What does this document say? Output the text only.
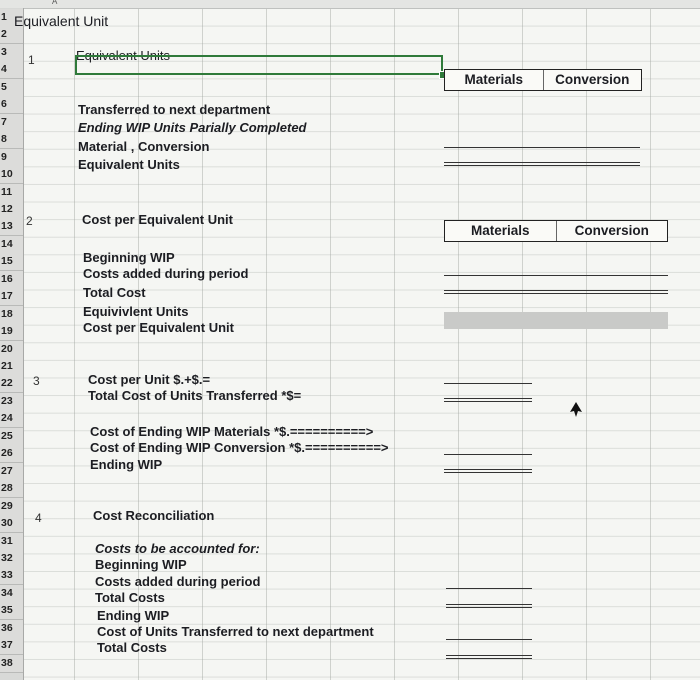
A
1
2
3
4
5
6
7
8
9
10
11
12
13
14
15
16
17
18
19
20
21
22
23
24
25
26
27
28
29
30
31
32
33
34
35
36
37
38
Equivalent Unit
1	Equivalent Units
Materials	Conversion
Transferred to next department
Ending WIP Units Parially Completed
Material , Conversion
Equivalent Units
2	Cost per Equivalent Unit
Materials	Conversion
Beginning WIP
Costs added during period
Total Cost
Equivivlent Units
Cost per Equivalent Unit
3	Cost per Unit $.+$.=
Total Cost of Units Transferred *$=
Cost of Ending WIP Materials *$.==========>
Cost of Ending WIP Conversion *$.==========>
Ending WIP
4	Cost Reconciliation
Costs to be accounted for:
Beginning WIP
Costs added during period
Total Costs
Ending WIP
Cost of Units Transferred to next department
Total Costs
